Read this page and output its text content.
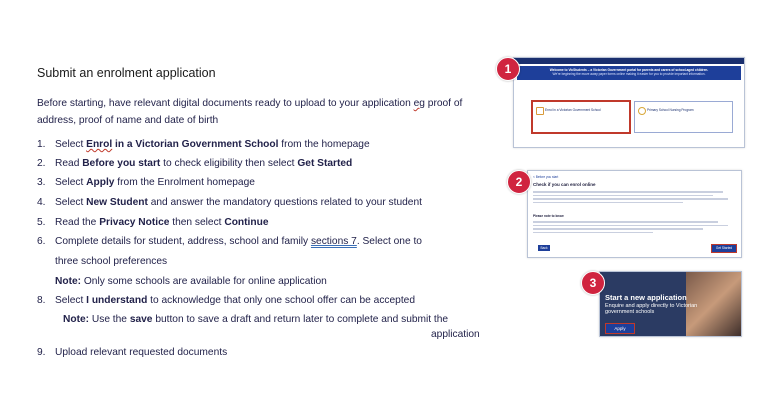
Submit an enrolment application
Before starting, have relevant digital documents ready to upload to your application eg proof of address, proof of name and date of birth
1. Select Enrol in a Victorian Government School from the homepage
2. Read Before you start to check eligibility then select Get Started
3. Select Apply from the Enrolment homepage
4. Select New Student and answer the mandatory questions related to your student
5. Read the Privacy Notice then select Continue
6. Complete details for student, address, school and family sections 7. Select one to
three school preferences
Note: Only some schools are available for online application
8. Select I understand to acknowledge that only one school offer can be accepted
Note: Use the save button to save a draft and return later to complete and submit the
application
9. Upload relevant requested documents
Welcome to VicStudents – a Victorian Government portal for parents and carers of school-aged children.
We're beginning the move away paper forms online making it easier for you to provide important information.
Enrol in a Victorian Government School	Primary School Nursing Program
1
< Before you start
Check if you can enrol online
Please note to know
Back	Get Started
2
Start a new application
Enquire and apply directly to Victorian government schools
Apply
3
